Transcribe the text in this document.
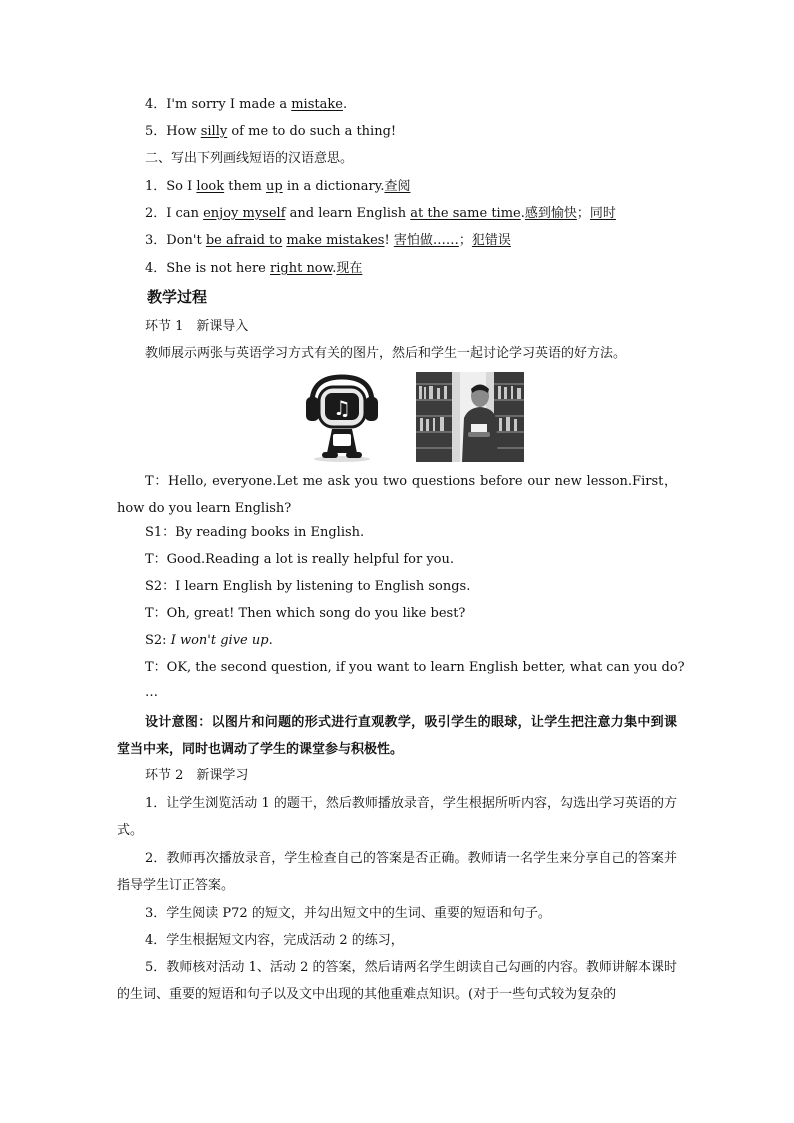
4．I'm sorry I made a mistake.
5．How silly of me to do such a thing!
二、写出下列画线短语的汉语意思。
1．So I look them up in a dictionary.查阅
2．I can enjoy myself and learn English at the same time.感到愉快；同时
3．Don't be afraid to make mistakes! 害怕做……；犯错误
4．She is not here right now.现在
教学过程
环节 1　新课导入
教师展示两张与英语学习方式有关的图片，然后和学生一起讨论学习英语的好方法。
♫
T：Hello, everyone.Let me ask you two questions before our new lesson.First，how do you learn English?
S1：By reading books in English.
T：Good.Reading a lot is really helpful for you.
S2：I learn English by listening to English songs.
T：Oh, great! Then which song do you like best?
S2: I won't give up.
T：OK, the second question, if you want to learn English better, what can you do?
…
设计意图：以图片和问题的形式进行直观教学，吸引学生的眼球，让学生把注意力集中到课堂当中来，同时也调动了学生的课堂参与积极性。
环节 2　新课学习
1．让学生浏览活动 1 的题干，然后教师播放录音，学生根据所听内容，勾选出学习英语的方式。
2．教师再次播放录音，学生检查自己的答案是否正确。教师请一名学生来分享自己的答案并指导学生订正答案。
3．学生阅读 P72 的短文，并勾出短文中的生词、重要的短语和句子。
4．学生根据短文内容，完成活动 2 的练习，
5．教师核对活动 1、活动 2 的答案，然后请两名学生朗读自己勾画的内容。教师讲解本课时的生词、重要的短语和句子以及文中出现的其他重难点知识。(对于一些句式较为复杂的
